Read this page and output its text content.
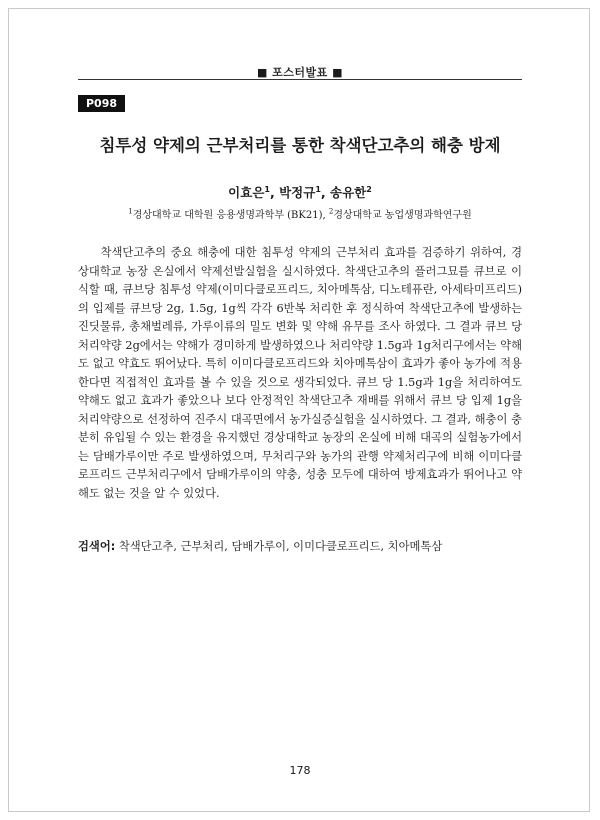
■ 포스터발표 ■
P098
침투성 약제의 근부처리를 통한 착색단고추의 해충 방제
이효은$^1$, 박정규$^1$, 송유한$^2$
$^1$경상대학교 대학원 응용생명과학부 (BK21), $^2$경상대학교 농업생명과학연구원

착색단고추의 중요 해충에 대한 침투성 약제의 근부처리 효과를 검증하기 위하여, 경상대학교 농장 온실에서 약제선발실험을 실시하였다. 착색단고추의 플러그묘를 큐브로 이식할 때, 큐브당 침투성 약제(이미다클로프리드, 치아메톡삼, 디노테퓨란, 아세타미프리드)의 입제를 큐브당 2g, 1.5g, 1g씩 각각 6반복 처리한 후 정식하여 착색단고추에 발생하는 진딧물류, 총채벌레류, 가루이류의 밀도 변화 및 약해 유무를 조사 하였다. 그 결과 큐브 당 처리약량 2g에서는 약해가 경미하게 발생하였으나 처리약량 1.5g과 1g처리구에서는 약해도 없고 약효도 뛰어났다. 특히 이미다클로프리드와 치아메톡삼이 효과가 좋아 농가에 적용 한다면 직접적인 효과를 볼 수 있을 것으로 생각되었다. 큐브 당 1.5g과 1g을 처리하여도 약해도 없고 효과가 좋았으나 보다 안정적인 착색단고추 재배를 위해서 큐브 당 입제 1g을 처리약량으로 선정하여 진주시 대곡면에서 농가실증실험을 실시하였다. 그 결과, 해충이 충분히 유입될 수 있는 환경을 유지했던 경상대학교 농장의 온실에 비해 대곡의 실험농가에서는 담배가루이만 주로 발생하였으며, 무처리구와 농가의 관행 약제처리구에 비해 이미다클로프리드 근부처리구에서 담배가루이의 약충, 성충 모두에 대하여 방제효과가 뛰어나고 약해도 없는 것을 알 수 있었다.

검색어: 착색단고추, 근부처리, 담배가루이, 이미다클로프리드, 치아메톡삼
178
